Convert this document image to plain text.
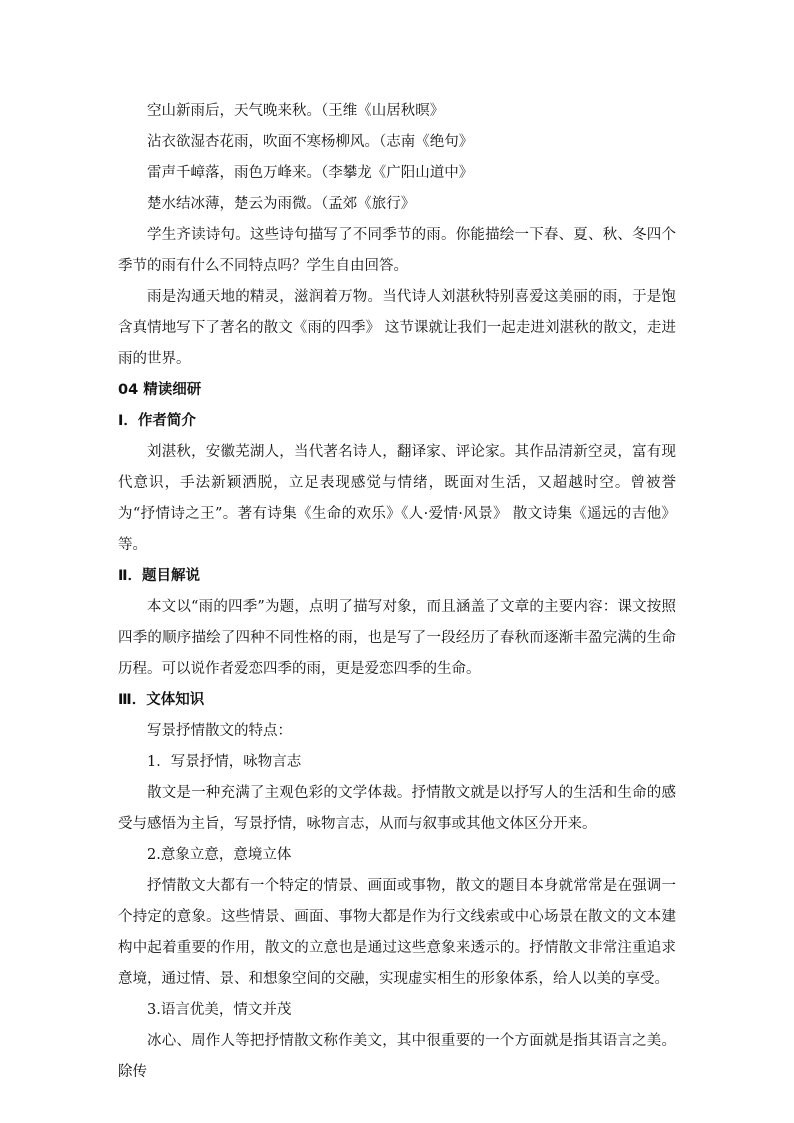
空山新雨后，天气晚来秋。（王维《山居秋暝》
沾衣欲湿杏花雨，吹面不寒杨柳风。（志南《绝句》
雷声千嶂落，雨色万峰来。（李攀龙《广阳山道中》
楚水结冰薄，楚云为雨微。（孟郊《旅行》

学生齐读诗句。这些诗句描写了不同季节的雨。你能描绘一下春、夏、秋、冬四个季节的雨有什么不同特点吗？学生自由回答。

雨是沟通天地的精灵，滋润着万物。当代诗人刘湛秋特别喜爱这美丽的雨，于是饱含真情地写下了著名的散文《雨的四季》 这节课就让我们一起走进刘湛秋的散文，走进雨的世界。

04 精读细研
Ⅰ．作者简介

刘湛秋，安徽芜湖人，当代著名诗人，翻译家、评论家。其作品清新空灵，富有现代意识，手法新颖洒脱，立足表现感觉与情绪，既面对生活，又超越时空。曾被誉为“抒情诗之王”。著有诗集《生命的欢乐》《人·爱情·风景》 散文诗集《遥远的吉他》等。

Ⅱ．题目解说

本文以“雨的四季”为题，点明了描写对象，而且涵盖了文章的主要内容：课文按照四季的顺序描绘了四种不同性格的雨，也是写了一段经历了春秋而逐渐丰盈完满的生命历程。可以说作者爱恋四季的雨，更是爱恋四季的生命。

Ⅲ．文体知识
写景抒情散文的特点：
1．写景抒情，咏物言志

散文是一种充满了主观色彩的文学体裁。抒情散文就是以抒写人的生活和生命的感受与感悟为主旨，写景抒情，咏物言志，从而与叙事或其他文体区分开来。

2.意象立意，意境立体

抒情散文大都有一个特定的情景、画面或事物，散文的题目本身就常常是在强调一个持定的意象。这些情景、画面、事物大都是作为行文线索或中心场景在散文的文本建构中起着重要的作用，散文的立意也是通过这些意象来透示的。抒情散文非常注重追求意境，通过情、景、和想象空间的交融，实现虚实相生的形象体系，给人以美的享受。

3.语言优美，情文并茂

冰心、周作人等把抒情散文称作美文，其中很重要的一个方面就是指其语言之美。除传
